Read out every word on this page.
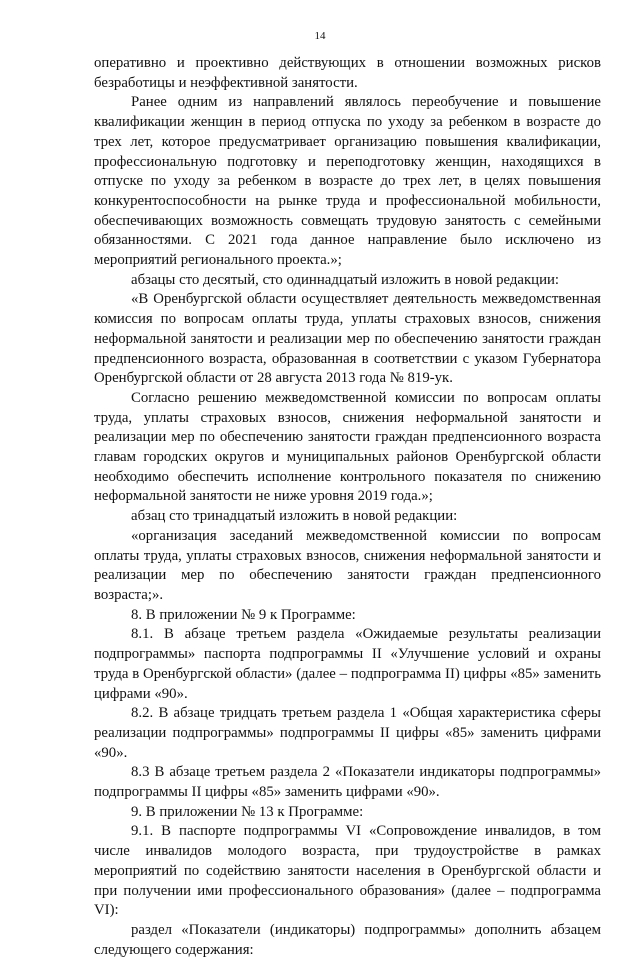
14

оперативно и проективно действующих в отношении возможных рисков безработицы и неэффективной занятости.

Ранее одним из направлений являлось переобучение и повышение квалификации женщин в период отпуска по уходу за ребенком в возрасте до трех лет, которое предусматривает организацию повышения квалификации, профессиональную подготовку и переподготовку женщин, находящихся в отпуске по уходу за ребенком в возрасте до трех лет, в целях повышения конкурентоспособности на рынке труда и профессиональной мобильности, обеспечивающих возможность совмещать трудовую занятость с семейными обязанностями. С 2021 года данное направление было исключено из мероприятий регионального проекта.»;

абзацы сто десятый, сто одиннадцатый изложить в новой редакции:

«В Оренбургской области осуществляет деятельность межведомственная комиссия по вопросам оплаты труда, уплаты страховых взносов, снижения неформальной занятости и реализации мер по обеспечению занятости граждан предпенсионного возраста, образованная в соответствии с указом Губернатора Оренбургской области от 28 августа 2013 года № 819-ук.

Согласно решению межведомственной комиссии по вопросам оплаты труда, уплаты страховых взносов, снижения неформальной занятости и реализации мер по обеспечению занятости граждан предпенсионного возраста главам городских округов и муниципальных районов Оренбургской области необходимо обеспечить исполнение контрольного показателя по снижению неформальной занятости не ниже уровня 2019 года.»;

абзац сто тринадцатый изложить в новой редакции:

«организация заседаний межведомственной комиссии по вопросам оплаты труда, уплаты страховых взносов, снижения неформальной занятости и реализации мер по обеспечению занятости граждан предпенсионного возраста;».

8. В приложении № 9 к Программе:

8.1. В абзаце третьем раздела «Ожидаемые результаты реализации подпрограммы» паспорта подпрограммы II «Улучшение условий и охраны труда в Оренбургской области» (далее – подпрограмма II) цифры «85» заменить цифрами «90».

8.2. В абзаце тридцать третьем раздела 1 «Общая характеристика сферы реализации подпрограммы» подпрограммы II цифры «85» заменить цифрами «90».

8.3 В абзаце третьем раздела 2 «Показатели индикаторы подпрограммы» подпрограммы II цифры «85» заменить цифрами «90».

9. В приложении № 13 к Программе:

9.1. В паспорте подпрограммы VI «Сопровождение инвалидов, в том числе инвалидов молодого возраста, при трудоустройстве в рамках мероприятий по содействию занятости населения в Оренбургской области и при получении ими профессионального образования» (далее – подпрограмма VI):

раздел «Показатели (индикаторы) подпрограммы» дополнить абзацем следующего содержания:
